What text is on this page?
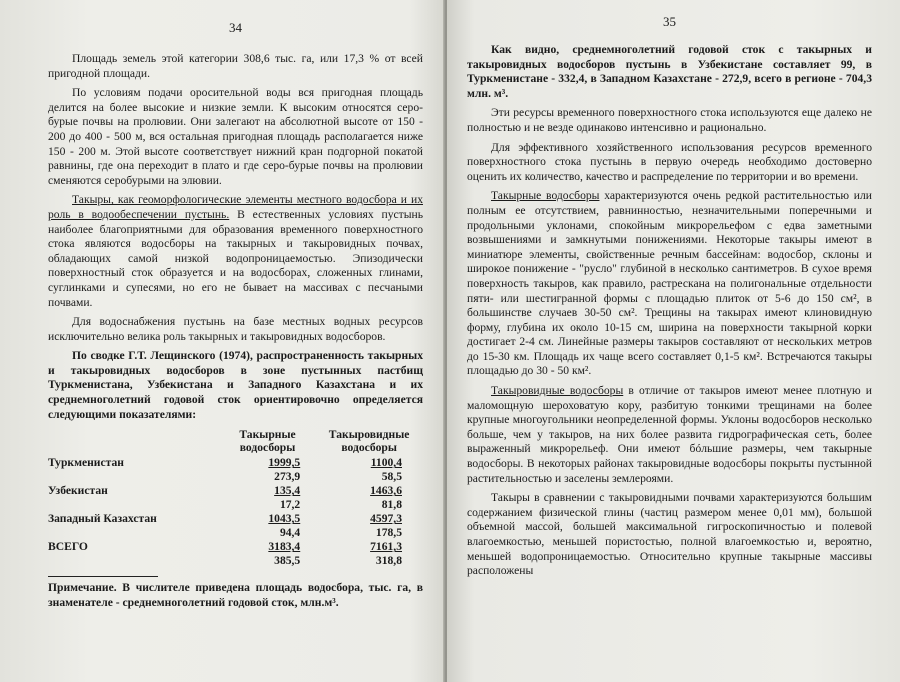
34

Площадь земель этой категории 308,6 тыс. га, или 17,3 % от всей пригодной площади.

По условиям подачи оросительной воды вся пригодная площадь делится на более высокие и низкие земли. К высоким относятся серо-бурые почвы на пролювии. Они залегают на абсолютной высоте от 150 - 200 до 400 - 500 м, вся остальная пригодная площадь располагается ниже 150 - 200 м. Этой высоте соответствует нижний кран подгорной покатой равнины, где она переходит в плато и где серо-бурые почвы на пролювии сменяются серобурыми на элювии.

Такыры, как геоморфологические элементы местного водосбора и их роль в водообеспечении пустынь. В естественных условиях пустынь наиболее благоприятными для образования временного поверхностного стока являются водосборы на такырных и такыровидных почвах, обладающих самой низкой водопроницаемостью. Эпизодически поверхностный сток образуется и на водосборах, сложенных глинами, суглинками и супесями, но его не бывает на массивах с песчаными почвами.

Для водоснабжения пустынь на базе местных водных ресурсов исключительно велика роль такырных и такыровидных водосборов.

По сводке Г.Т. Лещинского (1974), распространенность такырных и такыровидных водосборов в зоне пустынных пастбищ Туркменистана, Узбекистана и Западного Казахстана и их среднемноголетний годовой сток ориентировочно определяется следующими показателями:

	Такырные водосборы	Такыровидные водосборы
Туркменистан	1999,5	1100,4
	273,9	58,5
Узбекистан	135,4	1463,6
	17,2	81,8
Западный Казахстан	1043,5	4597,3
	94,4	178,5
ВСЕГО	3183,4	7161,3
	385,5	318,8

Примечание. В числителе приведена площадь водосбора, тыс. га, в знаменателе - среднемноголетний годовой сток, млн.м³.

35

Как видно, среднемноголетний годовой сток с такырных и такыровидных водосборов пустынь в Узбекистане составляет 99, в Туркменистане - 332,4, в Западном Казахстане - 272,9, всего в регионе - 704,3 млн. м³.

Эти ресурсы временного поверхностного стока используются еще далеко не полностью и не везде одинаково интенсивно и рационально.

Для эффективного хозяйственного использования ресурсов временного поверхностного стока пустынь в первую очередь необходимо достоверно оценить их количество, качество и распределение по территории и во времени.

Такырные водосборы характеризуются очень редкой растительностью или полным ее отсутствием, равнинностью, незначительными поперечными и продольными уклонами, спокойным микрорельефом с едва заметными возвышениями и замкнутыми понижениями. Некоторые такыры имеют в миниатюре элементы, свойственные речным бассейнам: водосбор, склоны и широкое понижение - "русло" глубиной в несколько сантиметров. В сухое время поверхность такыров, как правило, растрескана на полигональные отдельности пяти- или шестигранной формы с площадью плиток от 5-6 до 150 см², в большинстве случаев 30-50 см². Трещины на такырах имеют клиновидную форму, глубина их около 10-15 см, ширина на поверхности такырной корки достигает 2-4 см. Линейные размеры такыров составляют от нескольких метров до 15-30 км. Площадь их чаще всего составляет 0,1-5 км². Встречаются такыры площадью до 30 - 50 км².

Такыровидные водосборы в отличие от такыров имеют менее плотную и маломощную шероховатую кору, разбитую тонкими трещинами на более крупные многоугольники неопределенной формы. Уклоны водосборов несколько больше, чем у такыров, на них более развита гидрографическая сеть, более выраженный микрорельеф. Они имеют бóльшие размеры, чем такырные водосборы. В некоторых районах такыровидные водосборы покрыты пустынной растительностью и заселены землероями.

Такыры в сравнении с такыровидными почвами характеризуются большим содержанием физической глины (частиц размером менее 0,01 мм), большой объемной массой, большей максимальной гигроскопичностью и полевой влагоемкостью, меньшей пористостью, полной влагоемкостью и, вероятно, меньшей водопроницаемостью. Относительно крупные такырные массивы расположены
